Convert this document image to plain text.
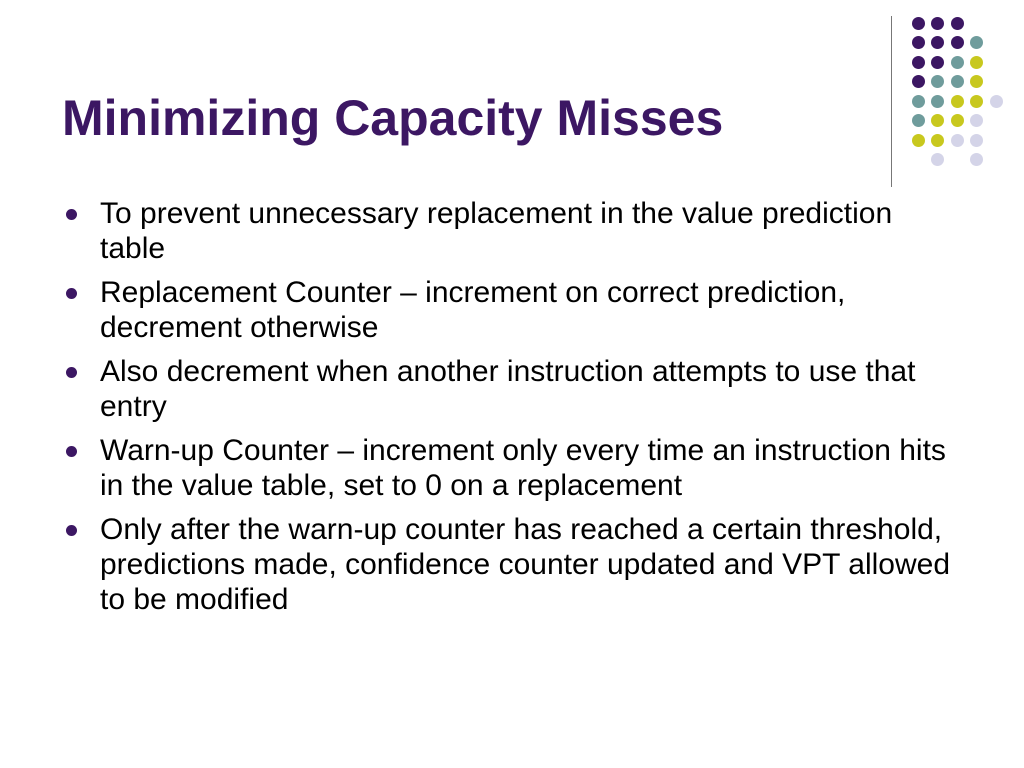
Minimizing Capacity Misses
To prevent unnecessary replacement in the value prediction table
Replacement Counter – increment on correct prediction, decrement otherwise
Also decrement when another instruction attempts to use that entry
Warn-up Counter – increment only every time an instruction hits in the value table, set to 0 on a replacement
Only after the warn-up counter has reached a certain threshold, predictions made, confidence counter updated and VPT allowed to be modified
